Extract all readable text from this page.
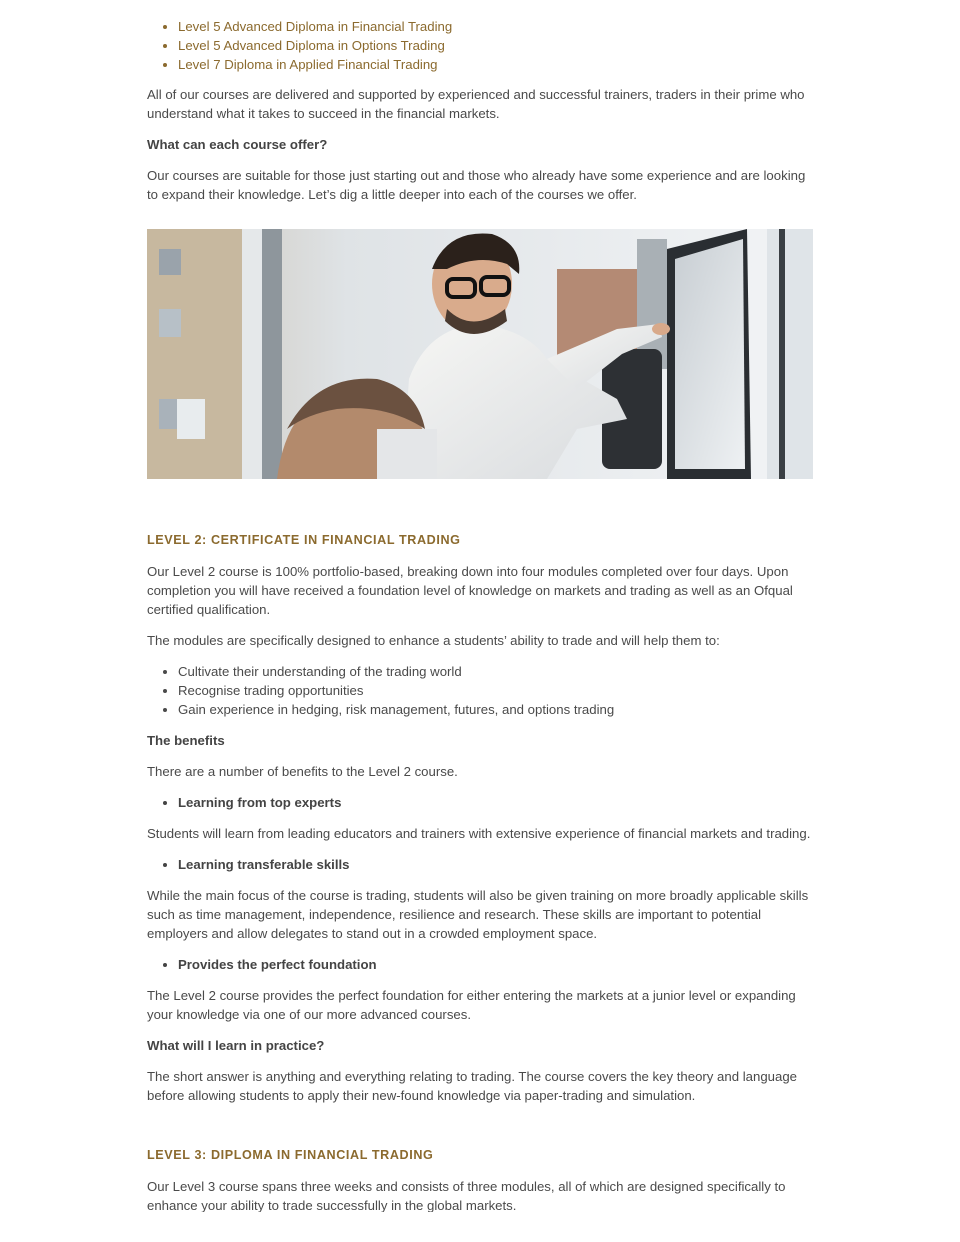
• Level 5 Advanced Diploma in Financial Trading
• Level 5 Advanced Diploma in Options Trading
• Level 7 Diploma in Applied Financial Trading

All of our courses are delivered and supported by experienced and successful trainers, traders in their prime who understand what it takes to succeed in the financial markets.

What can each course offer?

Our courses are suitable for those just starting out and those who already have some experience and are looking to expand their knowledge. Let’s dig a little deeper into each of the courses we offer.

LEVEL 2: CERTIFICATE IN FINANCIAL TRADING

Our Level 2 course is 100% portfolio-based, breaking down into four modules completed over four days. Upon completion you will have received a foundation level of knowledge on markets and trading as well as an Ofqual certified qualification.

The modules are specifically designed to enhance a students’ ability to trade and will help them to:

• Cultivate their understanding of the trading world
• Recognise trading opportunities
• Gain experience in hedging, risk management, futures, and options trading

The benefits

There are a number of benefits to the Level 2 course.

• Learning from top experts

Students will learn from leading educators and trainers with extensive experience of financial markets and trading.

• Learning transferable skills

While the main focus of the course is trading, students will also be given training on more broadly applicable skills such as time management, independence, resilience and research. These skills are important to potential employers and allow delegates to stand out in a crowded employment space.

• Provides the perfect foundation

The Level 2 course provides the perfect foundation for either entering the markets at a junior level or expanding your knowledge via one of our more advanced courses.

What will I learn in practice?

The short answer is anything and everything relating to trading. The course covers the key theory and language before allowing students to apply their new-found knowledge via paper-trading and simulation.

LEVEL 3: DIPLOMA IN FINANCIAL TRADING

Our Level 3 course spans three weeks and consists of three modules, all of which are designed specifically to enhance your ability to trade successfully in the global markets.
